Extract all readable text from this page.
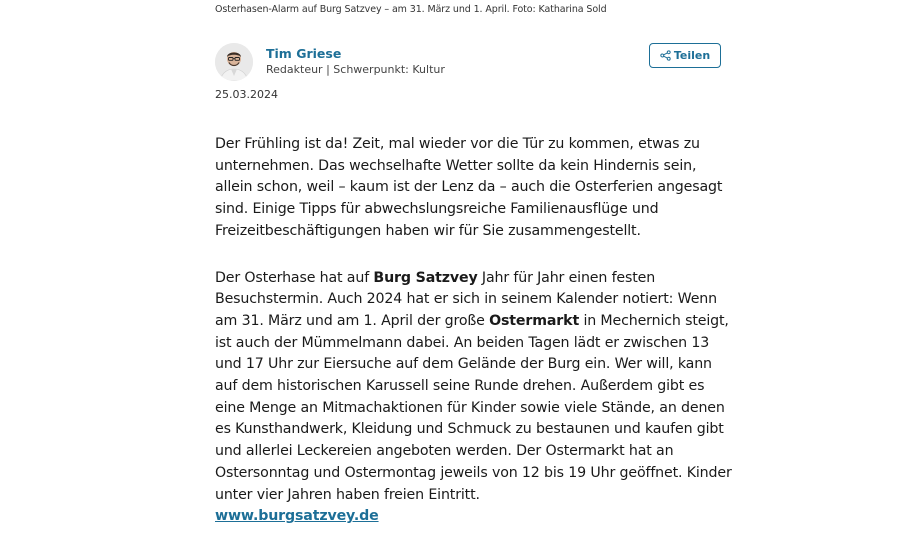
Osterhasen-Alarm auf Burg Satzvey – am 31. März und 1. April. Foto: Katharina Sold
Tim Griese
Redakteur | Schwerpunkt: Kultur
Teilen
25.03.2024

Der Frühling ist da! Zeit, mal wieder vor die Tür zu kommen, etwas zu unternehmen. Das wechselhafte Wetter sollte da kein Hindernis sein, allein schon, weil – kaum ist der Lenz da – auch die Osterferien angesagt sind. Einige Tipps für abwechslungsreiche Familienausflüge und Freizeitbeschäftigungen haben wir für Sie zusammengestellt.

Der Osterhase hat auf Burg Satzvey Jahr für Jahr einen festen Besuchstermin. Auch 2024 hat er sich in seinem Kalender notiert: Wenn am 31. März und am 1. April der große Ostermarkt in Mechernich steigt, ist auch der Mümmelmann dabei. An beiden Tagen lädt er zwischen 13 und 17 Uhr zur Eiersuche auf dem Gelände der Burg ein. Wer will, kann auf dem historischen Karussell seine Runde drehen. Außerdem gibt es eine Menge an Mitmachaktionen für Kinder sowie viele Stände, an denen es Kunsthandwerk, Kleidung und Schmuck zu bestaunen und kaufen gibt und allerlei Leckereien angeboten werden. Der Ostermarkt hat an Ostersonntag und Ostermontag jeweils von 12 bis 19 Uhr geöffnet. Kinder unter vier Jahren haben freien Eintritt.
www.burgsatzvey.de
